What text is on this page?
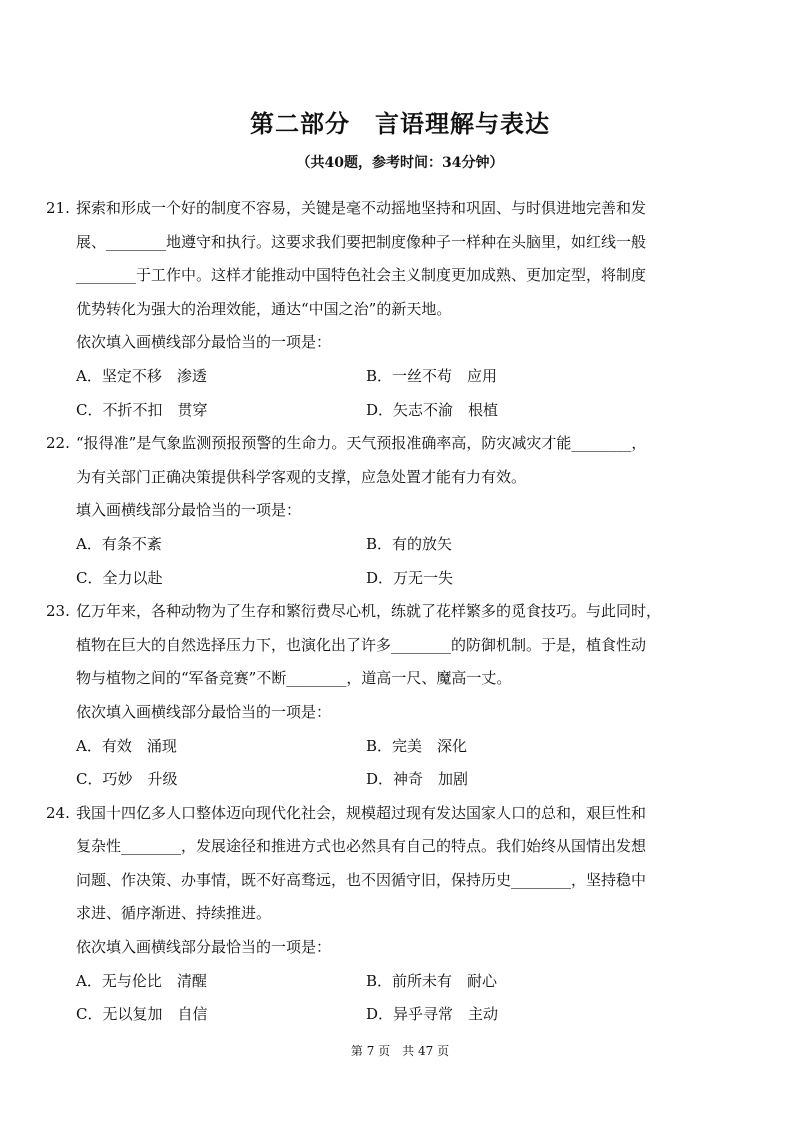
第二部分　言语理解与表达
（共40题，参考时间：34分钟）
21. 探索和形成一个好的制度不容易，关键是毫不动摇地坚持和巩固、与时俱进地完善和发
展、________地遵守和执行。这要求我们要把制度像种子一样种在头脑里，如红线一般
________于工作中。这样才能推动中国特色社会主义制度更加成熟、更加定型，将制度
优势转化为强大的治理效能，通达“中国之治”的新天地。
依次填入画横线部分最恰当的一项是：
A．坚定不移　渗透	B．一丝不苟　应用
C．不折不扣　贯穿	D．矢志不渝　根植
22. “报得准”是气象监测预报预警的生命力。天气预报准确率高，防灾减灾才能________，
为有关部门正确决策提供科学客观的支撑，应急处置才能有力有效。
填入画横线部分最恰当的一项是：
A．有条不紊	B．有的放矢
C．全力以赴	D．万无一失
23. 亿万年来，各种动物为了生存和繁衍费尽心机，练就了花样繁多的觅食技巧。与此同时，
植物在巨大的自然选择压力下，也演化出了许多________的防御机制。于是，植食性动
物与植物之间的“军备竞赛”不断________，道高一尺、魔高一丈。
依次填入画横线部分最恰当的一项是：
A．有效　涌现	B．完美　深化
C．巧妙　升级	D．神奇　加剧
24. 我国十四亿多人口整体迈向现代化社会，规模超过现有发达国家人口的总和，艰巨性和
复杂性________，发展途径和推进方式也必然具有自己的特点。我们始终从国情出发想
问题、作决策、办事情，既不好高骛远，也不因循守旧，保持历史________，坚持稳中
求进、循序渐进、持续推进。
依次填入画横线部分最恰当的一项是：
A．无与伦比　清醒	B．前所未有　耐心
C．无以复加　自信	D．异乎寻常　主动
第 7 页　共 47 页
